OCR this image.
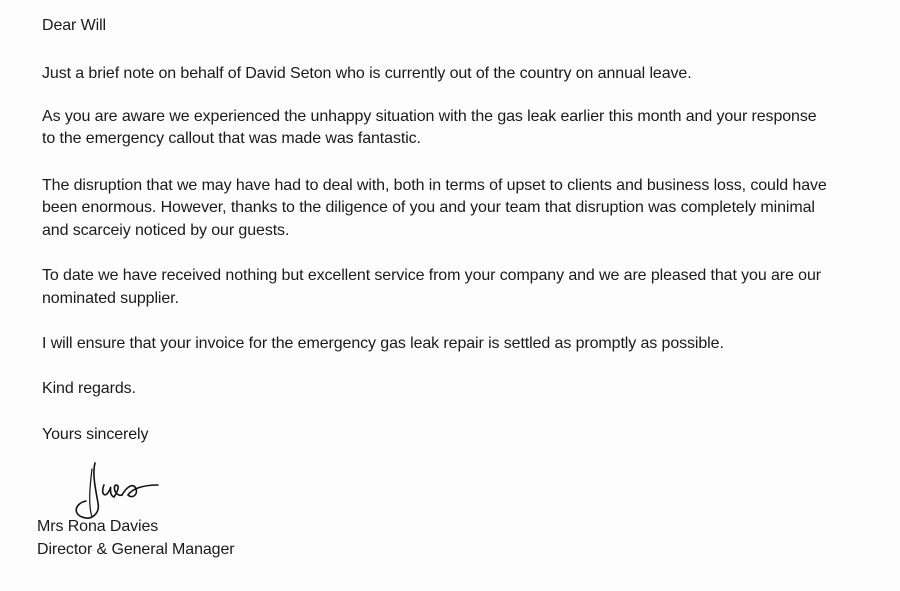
Dear Will
Just a brief note on behalf of David Seton who is currently out of the country on annual leave.
As you are aware we experienced the unhappy situation with the gas leak earlier this month and your response
to the emergency callout that was made was fantastic.
The disruption that we may have had to deal with, both in terms of upset to clients and business loss, could have
been enormous. However, thanks to the diligence of you and your team that disruption was completely minimal
and scarceiy noticed by our guests.
To date we have received nothing but excellent service from your company and we are pleased that you are our
nominated supplier.
I will ensure that your invoice for the emergency gas leak repair is settled as promptly as possible.
Kind regards.
Yours sincerely
Mrs Rona Davies
Director & General Manager
